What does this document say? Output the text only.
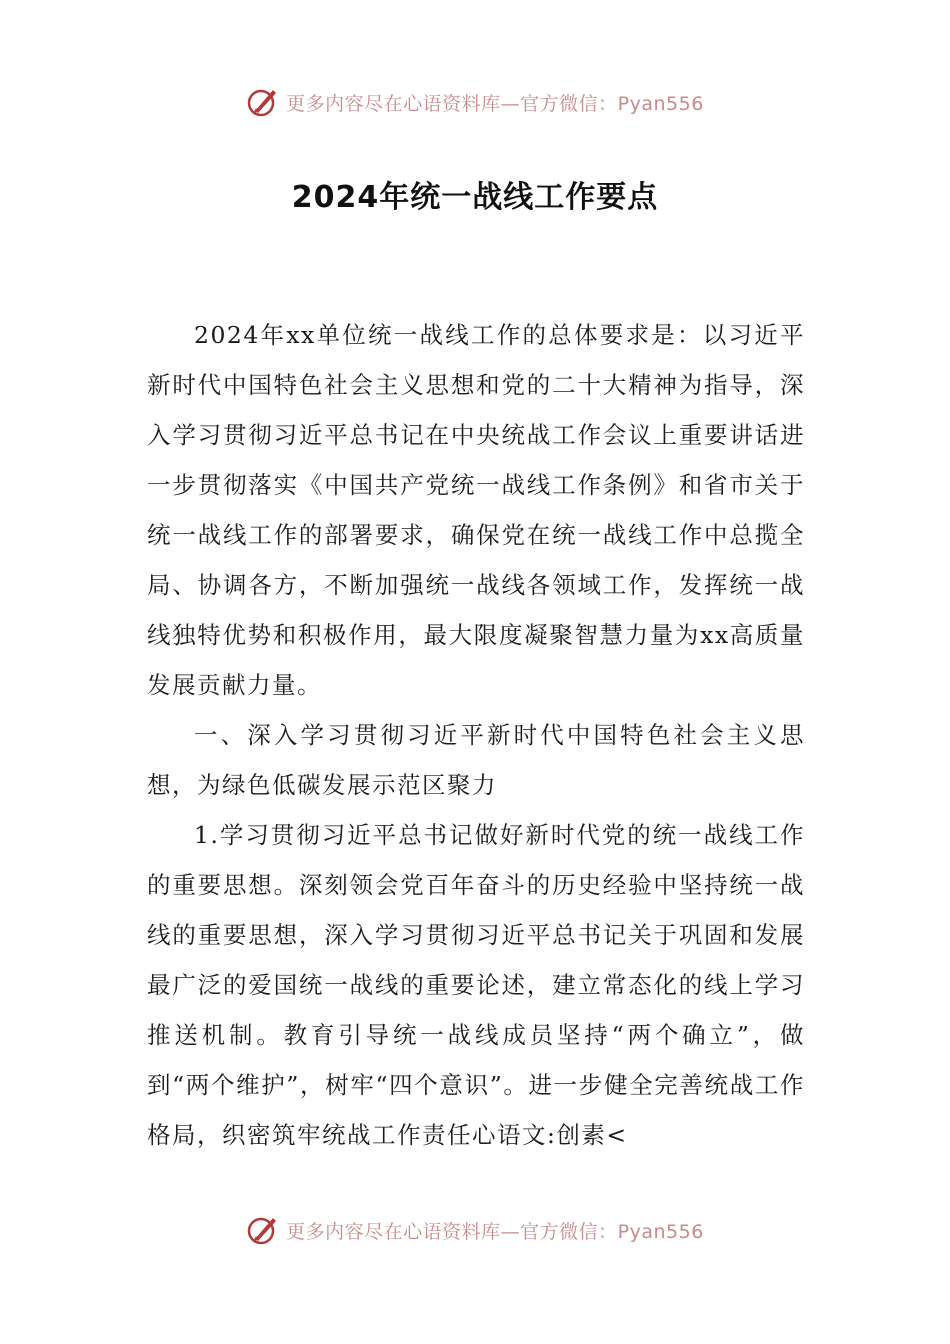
更多内容尽在心语资料库—官方微信：Pyan556
2024年统一战线工作要点

2024年xx单位统一战线工作的总体要求是：以习近平新时代中国特色社会主义思想和党的二十大精神为指导，深入学习贯彻习近平总书记在中央统战工作会议上重要讲话进一步贯彻落实《中国共产党统一战线工作条例》和省市关于统一战线工作的部署要求，确保党在统一战线工作中总揽全局、协调各方，不断加强统一战线各领域工作，发挥统一战线独特优势和积极作用，最大限度凝聚智慧力量为xx高质量发展贡献力量。

一、深入学习贯彻习近平新时代中国特色社会主义思想，为绿色低碳发展示范区聚力

1.学习贯彻习近平总书记做好新时代党的统一战线工作的重要思想。深刻领会党百年奋斗的历史经验中坚持统一战线的重要思想，深入学习贯彻习近平总书记关于巩固和发展最广泛的爱国统一战线的重要论述，建立常态化的线上学习推送机制。教育引导统一战线成员坚持“两个确立”，做到“两个维护”，树牢“四个意识”。进一步健全完善统战工作格局，织密筑牢统战工作责任心语文:创素<

更多内容尽在心语资料库—官方微信：Pyan556
